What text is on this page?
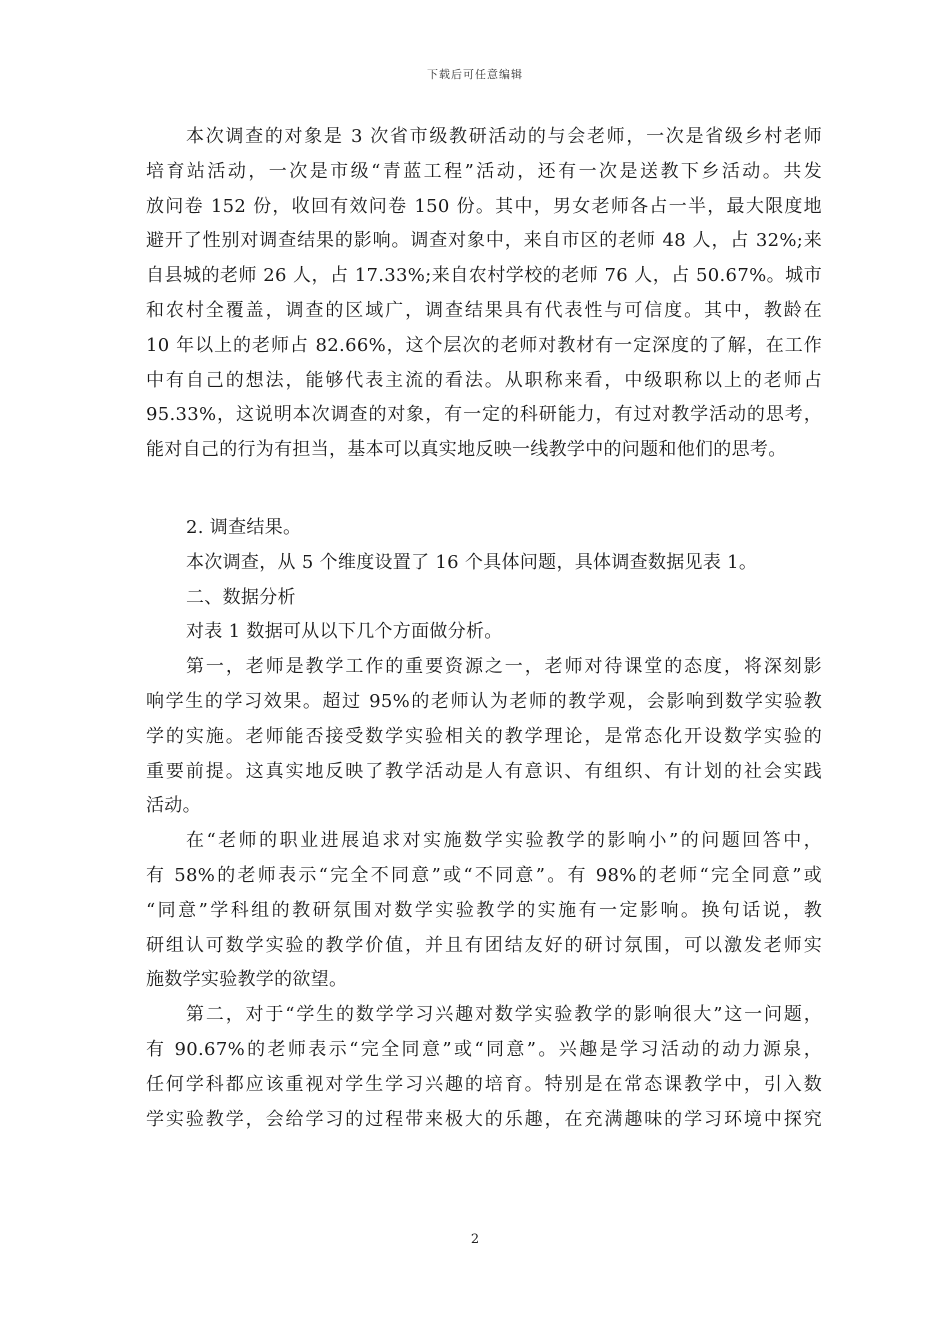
下载后可任意编辑
本次调查的对象是 3 次省市级教研活动的与会老师，一次是省级乡村老师
培育站活动，一次是市级“青蓝工程”活动，还有一次是送教下乡活动。共发
放问卷 152 份，收回有效问卷 150 份。其中，男女老师各占一半，最大限度地
避开了性别对调查结果的影响。调查对象中，来自市区的老师 48 人，占 32%;来
自县城的老师 26 人，占 17.33%;来自农村学校的老师 76 人，占 50.67%。城市
和农村全覆盖，调查的区域广，调查结果具有代表性与可信度。其中，教龄在
10 年以上的老师占 82.66%，这个层次的老师对教材有一定深度的了解，在工作
中有自己的想法，能够代表主流的看法。从职称来看，中级职称以上的老师占
95.33%，这说明本次调查的对象，有一定的科研能力，有过对教学活动的思考，
能对自己的行为有担当，基本可以真实地反映一线教学中的问题和他们的思考。
2. 调查结果。
本次调查，从 5 个维度设置了 16 个具体问题，具体调查数据见表 1。
二、数据分析
对表 1 数据可从以下几个方面做分析。
第一，老师是教学工作的重要资源之一，老师对待课堂的态度，将深刻影
响学生的学习效果。超过 95%的老师认为老师的教学观，会影响到数学实验教
学的实施。老师能否接受数学实验相关的教学理论，是常态化开设数学实验的
重要前提。这真实地反映了教学活动是人有意识、有组织、有计划的社会实践
活动。
在“老师的职业进展追求对实施数学实验教学的影响小”的问题回答中，
有 58%的老师表示“完全不同意”或“不同意”。有 98%的老师“完全同意”或
“同意”学科组的教研氛围对数学实验教学的实施有一定影响。换句话说，教
研组认可数学实验的教学价值，并且有团结友好的研讨氛围，可以激发老师实
施数学实验教学的欲望。
第二，对于“学生的数学学习兴趣对数学实验教学的影响很大”这一问题，
有 90.67%的老师表示“完全同意”或“同意”。兴趣是学习活动的动力源泉，
任何学科都应该重视对学生学习兴趣的培育。特别是在常态课教学中，引入数
学实验教学，会给学习的过程带来极大的乐趣，在充满趣味的学习环境中探究
2
